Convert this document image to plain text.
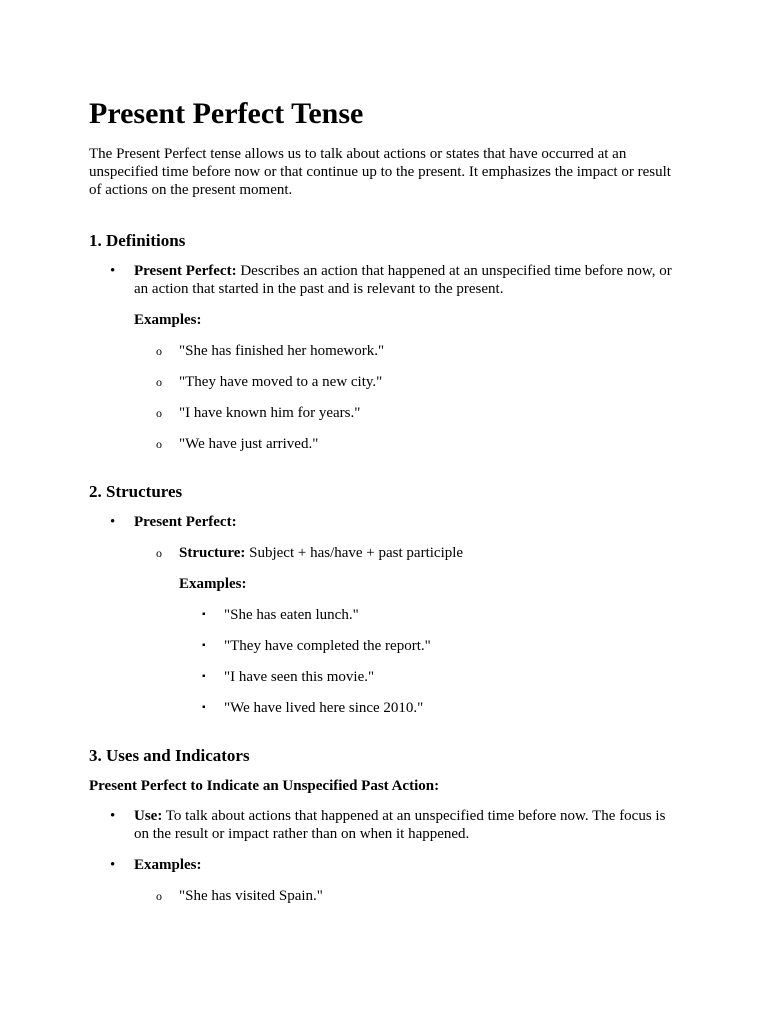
Present Perfect Tense

The Present Perfect tense allows us to talk about actions or states that have occurred at an unspecified time before now or that continue up to the present. It emphasizes the impact or result of actions on the present moment.

1. Definitions
• Present Perfect: Describes an action that happened at an unspecified time before now, or an action that started in the past and is relevant to the present.
Examples:
o "She has finished her homework."
o "They have moved to a new city."
o "I have known him for years."
o "We have just arrived."
2. Structures
• Present Perfect:
o Structure: Subject + has/have + past participle
Examples:
▪ "She has eaten lunch."
▪ "They have completed the report."
▪ "I have seen this movie."
▪ "We have lived here since 2010."
3. Uses and Indicators
Present Perfect to Indicate an Unspecified Past Action:
• Use: To talk about actions that happened at an unspecified time before now. The focus is on the result or impact rather than on when it happened.
• Examples:
o "She has visited Spain."
